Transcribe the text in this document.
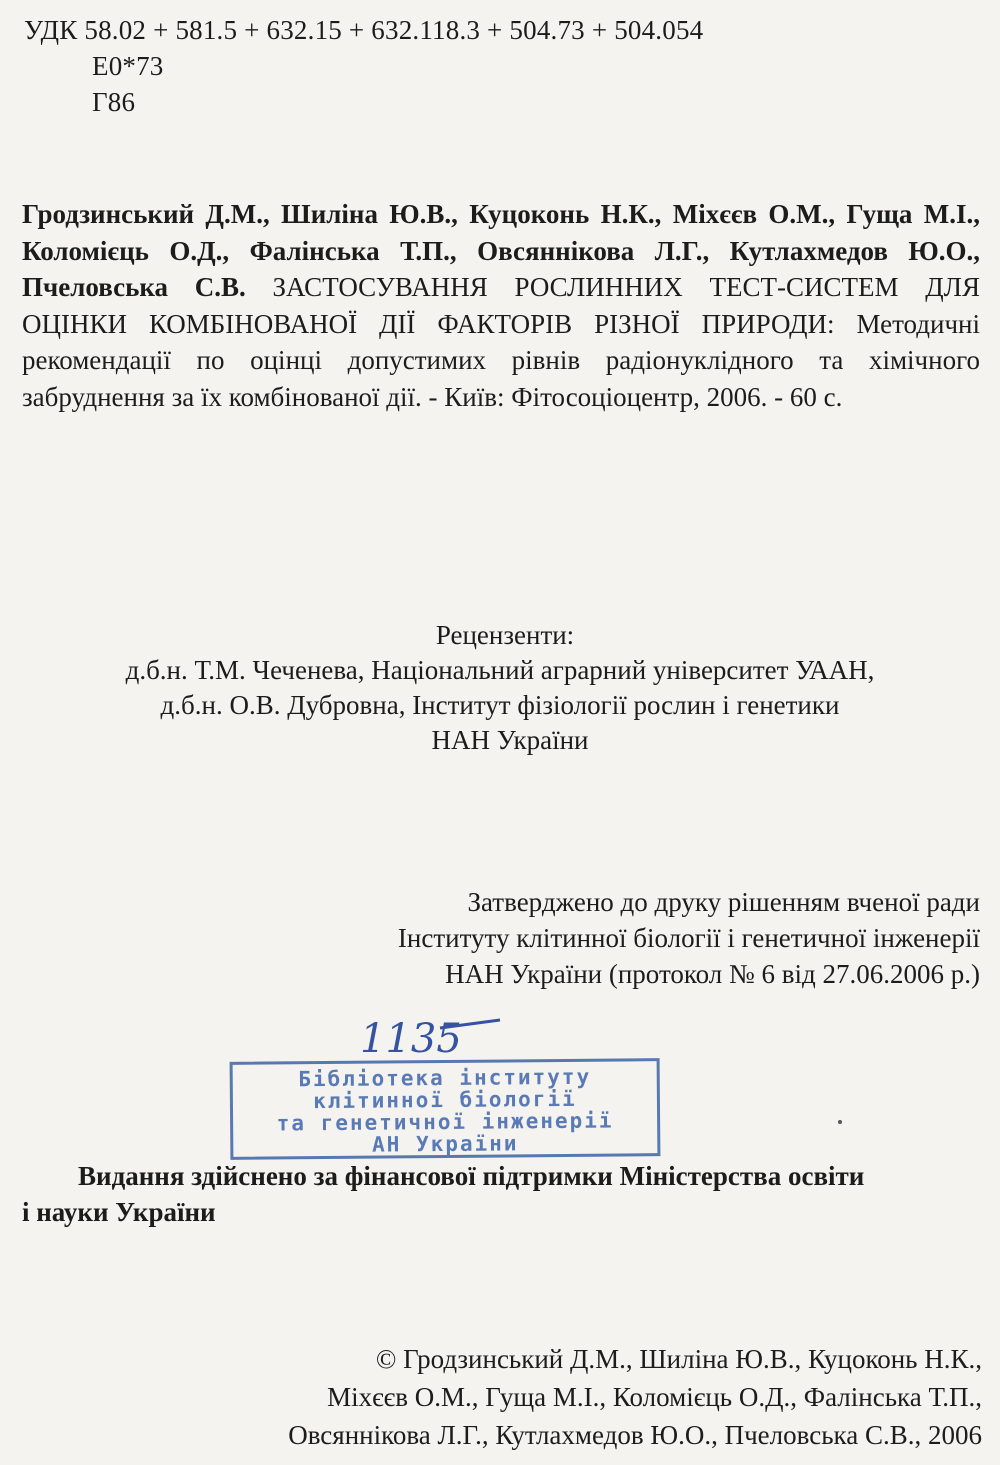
УДК 58.02 + 581.5 + 632.15 + 632.118.3 + 504.73 + 504.054
Е0*73
Г86
Гродзинський Д.М., Шиліна Ю.В., Куцоконь Н.К., Міхєєв О.М., Гуща М.І., Коломієць О.Д., Фалінська Т.П., Овсяннікова Л.Г., Кутлахмедов Ю.О., Пчеловська С.В. ЗАСТОСУВАННЯ РОСЛИННИХ ТЕСТ-СИСТЕМ ДЛЯ ОЦІНКИ КОМБІНОВАНОЇ ДІЇ ФАКТОРІВ РІЗНОЇ ПРИРОДИ: Методичні рекомендації по оцінці допустимих рівнів радіонуклідного та хімічного забруднення за їх комбінованої дії. - Київ: Фітосоціоцентр, 2006. - 60 с.
Рецензенти:
д.б.н. Т.М. Чеченева, Національний аграрний університет УААН,
д.б.н. О.В. Дубровна, Інститут фізіології рослин і генетики
НАН України
Затверджено до друку рішенням вченої ради
Інституту клітинної біології і генетичної інженерії
НАН України (протокол № 6 від 27.06.2006 р.)
1135
Бібліотека інституту
клітинної біології
та генетичної інженерії
АН України
Видання здійснено за фінансової підтримки Міністерства освіти
і науки України
© Гродзинський Д.М., Шиліна Ю.В., Куцоконь Н.К.,
Міхєєв О.М., Гуща М.І., Коломієць О.Д., Фалінська Т.П.,
Овсяннікова Л.Г., Кутлахмедов Ю.О., Пчеловська С.В., 2006
